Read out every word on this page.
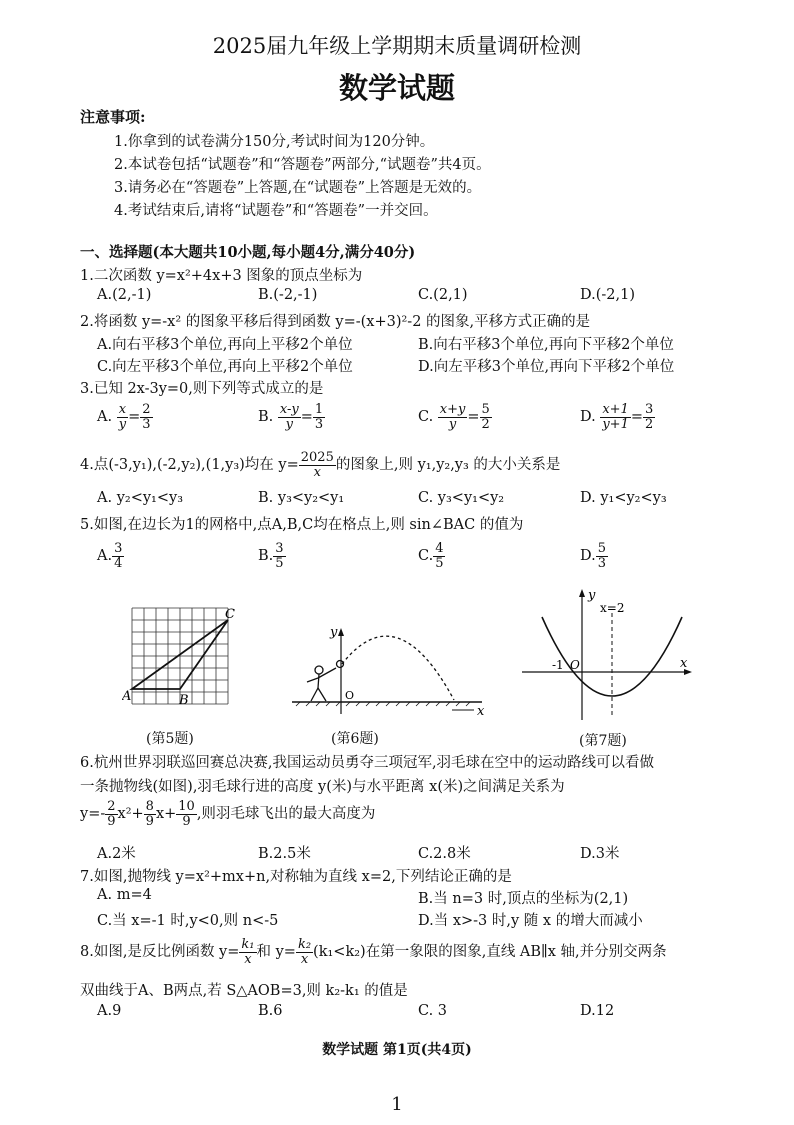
2025届九年级上学期期末质量调研检测
数学试题
注意事项:
1.你拿到的试卷满分150分,考试时间为120分钟。
2.本试卷包括“试题卷”和“答题卷”两部分,“试题卷”共4页。
3.请务必在“答题卷”上答题,在“试题卷”上答题是无效的。
4.考试结束后,请将“试题卷”和“答题卷”一并交回。
一、选择题(本大题共10小题,每小题4分,满分40分)
1.二次函数 y=x²+4x+3 图象的顶点坐标为
A.(2,-1)	B.(-2,-1)	C.(2,1)	D.(-2,1)
2.将函数 y=-x² 的图象平移后得到函数 y=-(x+3)²-2 的图象,平移方式正确的是
A.向右平移3个单位,再向上平移2个单位	B.向右平移3个单位,再向下平移2个单位
C.向左平移3个单位,再向上平移2个单位	D.向左平移3个单位,再向下平移2个单位
3.已知 2x-3y=0,则下列等式成立的是
A. $\frac{x}{y} = \frac{2}{3}$	B. $\frac{x-y}{y} = \frac{1}{3}$	C. $\frac{x+y}{y} = \frac{5}{2}$	D. $\frac{x+1}{y+1} = \frac{3}{2}$
4.点(-3,y₁),(-2,y₂),(1,y₃)均在 $y= \frac{2025}{x}$ 的图象上,则 y₁,y₂,y₃ 的大小关系是
A. y₂<y₁<y₃	B. y₃<y₂<y₁	C. y₃<y₁<y₂	D. y₁<y₂<y₃
5.如图,在边长为1的网格中,点A,B,C均在格点上,则 sin∠BAC 的值为
A. $\frac{3}{4}$	B. $\frac{3}{5}$	C. $\frac{4}{5}$	D. $\frac{5}{3}$
A	B
C
(第5题)
y
O
x
(第6题)
y
x=2
-1 O	x
(第7题)
6.杭州世界羽联巡回赛总决赛,我国运动员勇夺三项冠军,羽毛球在空中的运动路线可以看做
一条抛物线(如图),羽毛球行进的高度 y(米)与水平距离 x(米)之间满足关系为
$y=- \frac{2}{9} x^2+ \frac{8}{9} x+ \frac{10}{9}$ ,则羽毛球飞出的最大高度为
A.2米	B.2.5米	C.2.8米	D.3米
7.如图,抛物线 y=x²+mx+n,对称轴为直线 x=2,下列结论正确的是
A. m=4	B.当 n=3 时,顶点的坐标为(2,1)
C.当 x=-1 时,y<0,则 n<-5	D.当 x>-3 时,y 随 x 的增大而减小
8.如图,是反比例函数 $y= \frac{\text{k₁}}{x}$ 和 $y= \frac{\text{k₂}}{x} (k_1<k_2)$在第一象限的图象,直线 AB∥x 轴,并分别交两条
双曲线于A、B两点,若 S△AOB=3,则 k₂-k₁ 的值是
A.9	B.6	C. 3	D.12
数学试题 第1页(共4页)
1
